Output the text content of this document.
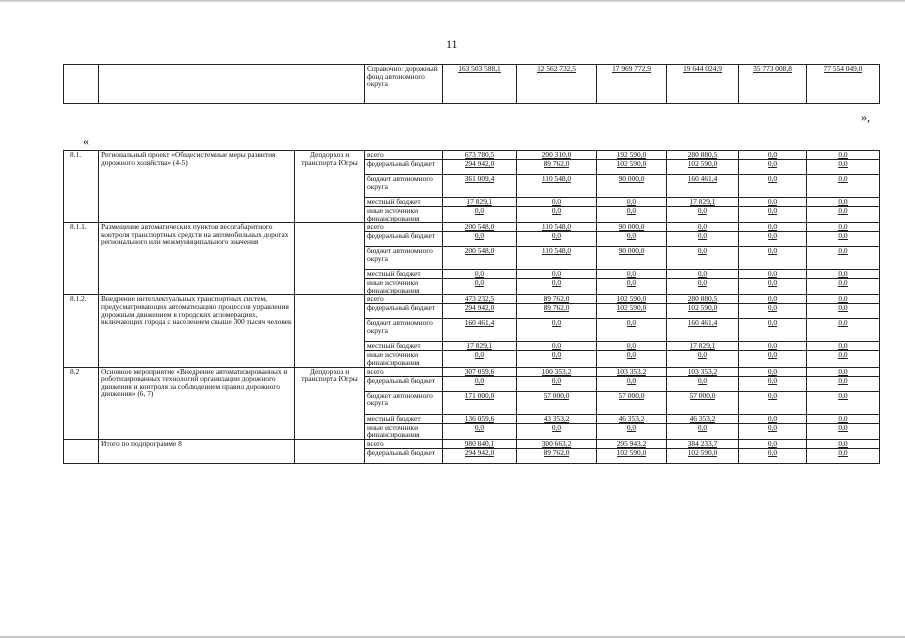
11
		Справочно: дорожный фонд автономного округа	163 503 588,1	12 562 732,5	17 969 772,9	19 644 024,9	35 773 008,8	77 554 049,0
»,
«
8.1.	Региональный проект «Общесистемные меры развития дорожного хозяйства» (4-5)	Депдорхоз и транспорта Югры	всего	673 780,5	200 310,0	192 590,0	280 880,5	0,0	0,0
			федеральный бюджет	294 942,0	89 762,0	102 590,0	102 590,0	0,0	0,0
			бюджет автономного округа	361 009,4	110 548,0	90 000,0	160 461,4	0,0	0,0
			местный бюджет	17 829,1	0,0	0,0	17 829,1	0,0	0,0
			иные источники финансирования	0,0	0,0	0,0	0,0	0,0	0,0
8.1.1.	Размещение автоматических пунктов весогабаритного контроля транспортных средств на автомобильных дорогах регионального или межмуниципального значения		всего	200 548,0	110 548,0	90 000,0	0,0	0,0	0,0
			федеральный бюджет	0,0	0,0	0,0	0,0	0,0	0,0
			бюджет автономного округа	200 548,0	110 548,0	90 000,0	0,0	0,0	0,0
			местный бюджет	0,0	0,0	0,0	0,0	0,0	0,0
			иные источники финансирования	0,0	0,0	0,0	0,0	0,0	0,0
8.1.2.	Внедрение интеллектуальных транспортных систем, предусматривающих автоматизацию процессов управления дорожным движением в городских агломерациях, включающих города с населением свыше 300 тысяч человек		всего	473 232,5	89 762,0	102 590,0	280 880,5	0,0	0,0
			федеральный бюджет	294 942,0	89 762,0	102 590,0	102 590,0	0,0	0,0
			бюджет автономного округа	160 461,4	0,0	0,0	160 461,4	0,0	0,0
			местный бюджет	17 829,1	0,0	0,0	17 829,1	0,0	0,0
			иные источники финансирования	0,0	0,0	0,0	0,0	0,0	0,0
8.2	Основное мероприятие «Внедрение автоматизированных и роботизированных технологий организации дорожного движения и контроля за соблюдением правил дорожного движения» (6, 7)	Депдорхоз и транспорта Югры	всего	307 059,6	100 353,2	103 353,2	103 353,2	0,0	0,0
			федеральный бюджет	0,0	0,0	0,0	0,0	0,0	0,0
			бюджет автономного округа	171 000,0	57 000,0	57 000,0	57 000,0	0,0	0,0
			местный бюджет	136 059,6	43 353,2	46 353,2	46 353,2	0,0	0,0
			иные источники финансирования	0,0	0,0	0,0	0,0	0,0	0,0
	Итого по подпрограмме 8		всего	980 840,1	300 663,2	295 943,2	384 233,7	0,0	0,0
			федеральный бюджет	294 942,0	89 762,0	102 590,0	102 590,0	0,0	0,0
